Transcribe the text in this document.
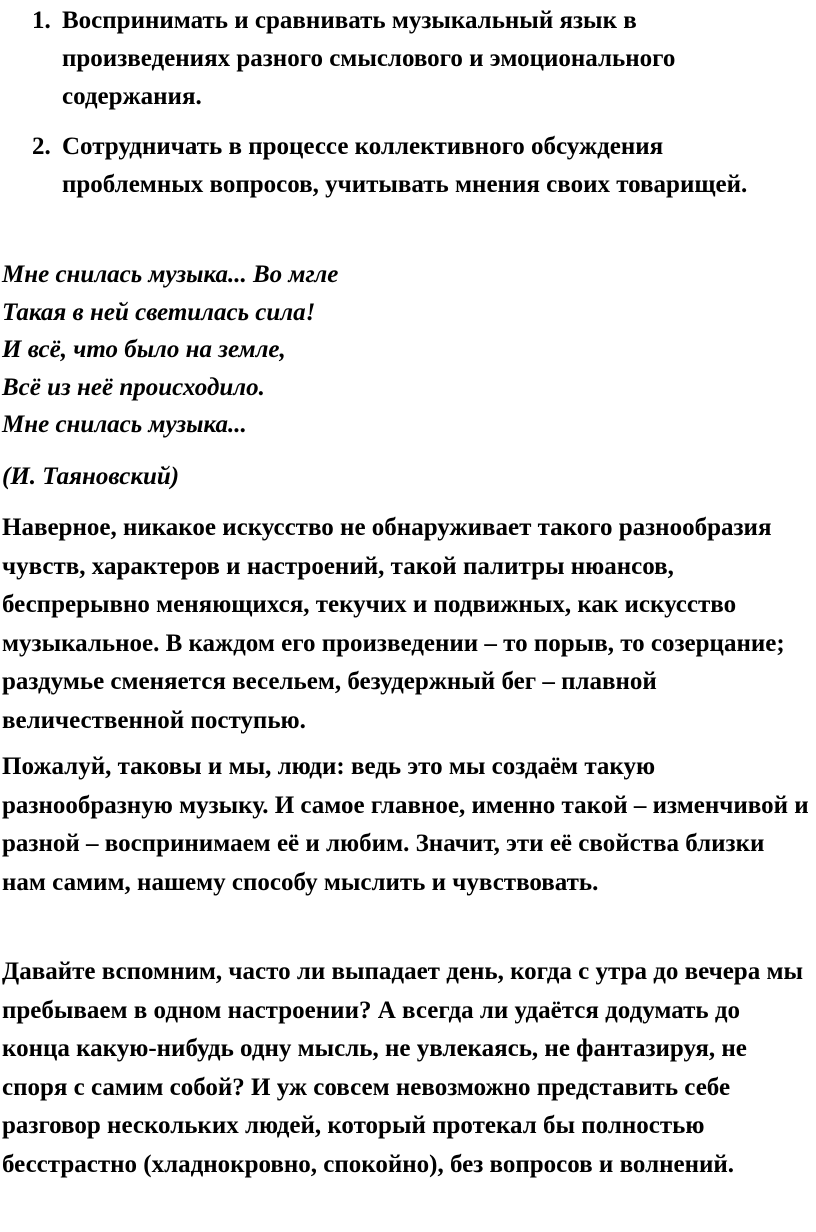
1. Воспринимать и сравнивать музыкальный язык в произведениях разного смыслового и эмоционального содержания.
2. Сотрудничать в процессе коллективного обсуждения проблемных вопросов, учитывать мнения своих товарищей.
Мне снилась музыка... Во мгле
Такая в ней светилась сила!
И всё, что было на земле,
Всё из неё происходило.
Мне снилась музыка...
(И. Таяновский)

Наверное, никакое искусство не обнаруживает такого разнообразия чувств, характеров и настроений, такой палитры нюансов, беспрерывно меняющихся, текучих и подвижных, как искусство музыкальное. В каждом его произведении – то порыв, то созерцание; раздумье сменяется весельем, безудержный бег – плавной величественной поступью.

Пожалуй, таковы и мы, люди: ведь это мы создаём такую разнообразную музыку. И самое главное, именно такой – изменчивой и разной – воспринимаем её и любим. Значит, эти её свойства близки нам самим, нашему способу мыслить и чувствовать.

Давайте вспомним, часто ли выпадает день, когда с утра до вечера мы пребываем в одном настроении? А всегда ли удаётся додумать до конца какую-нибудь одну мысль, не увлекаясь, не фантазируя, не споря с самим собой? И уж совсем невозможно представить себе разговор нескольких людей, который протекал бы полностью бесстрастно (хладнокровно, спокойно), без вопросов и волнений.
